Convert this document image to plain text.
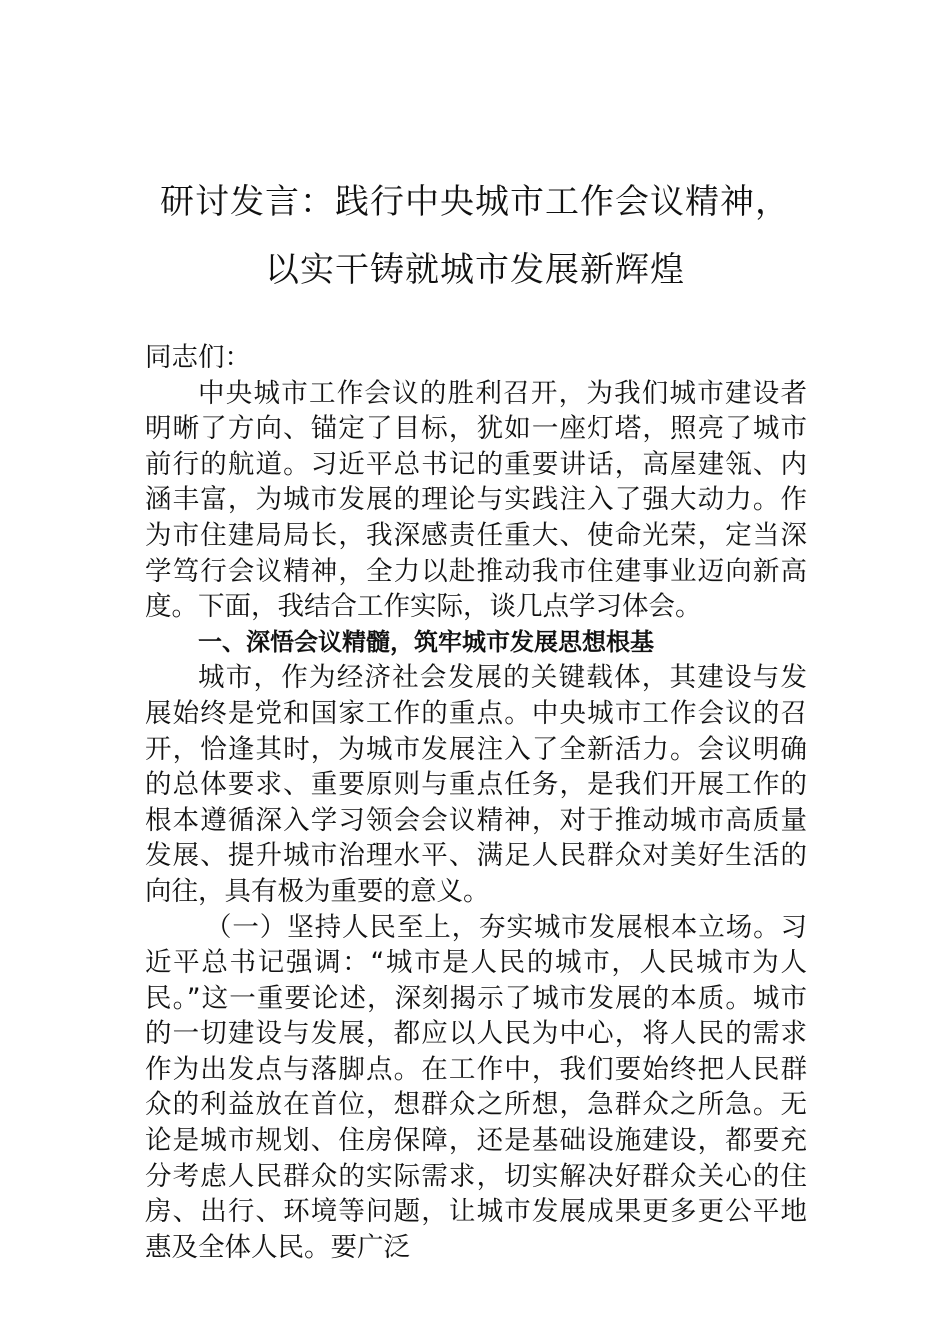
研讨发言：践行中央城市工作会议精神，
以实干铸就城市发展新辉煌

同志们：

中央城市工作会议的胜利召开，为我们城市建设者明晰了方向、锚定了目标，犹如一座灯塔，照亮了城市前行的航道。习近平总书记的重要讲话，高屋建瓴、内涵丰富，为城市发展的理论与实践注入了强大动力。作为市住建局局长，我深感责任重大、使命光荣，定当深学笃行会议精神，全力以赴推动我市住建事业迈向新高度。下面，我结合工作实际，谈几点学习体会。

一、深悟会议精髓，筑牢城市发展思想根基

城市，作为经济社会发展的关键载体，其建设与发展始终是党和国家工作的重点。中央城市工作会议的召开，恰逢其时，为城市发展注入了全新活力。会议明确的总体要求、重要原则与重点任务，是我们开展工作的根本遵循深入学习领会会议精神，对于推动城市高质量发展、提升城市治理水平、满足人民群众对美好生活的向往，具有极为重要的意义。

（一）坚持人民至上，夯实城市发展根本立场。习近平总书记强调：“城市是人民的城市，人民城市为人民。”这一重要论述，深刻揭示了城市发展的本质。城市的一切建设与发展，都应以人民为中心，将人民的需求作为出发点与落脚点。在工作中，我们要始终把人民群众的利益放在首位，想群众之所想，急群众之所急。无论是城市规划、住房保障，还是基础设施建设，都要充分考虑人民群众的实际需求，切实解决好群众关心的住房、出行、环境等问题，让城市发展成果更多更公平地惠及全体人民。要广泛
